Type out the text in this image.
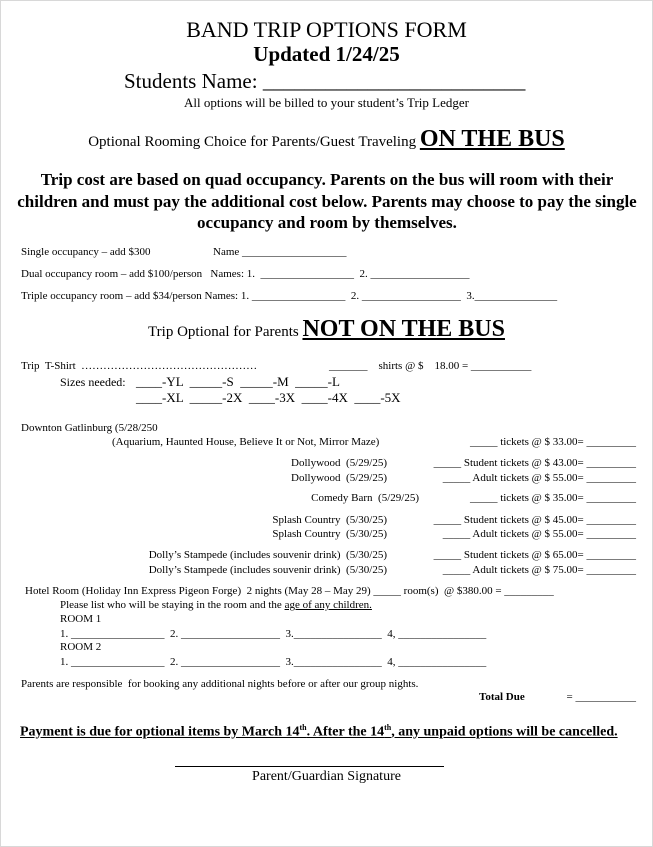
BAND TRIP OPTIONS FORM
Updated 1/24/25
Students Name: _________________________
All options will be billed to your student’s Trip Ledger
Optional Rooming Choice for Parents/Guest Traveling ON THE BUS
Trip cost are based on quad occupancy. Parents on the bus will room with their children and must pay the additional cost below. Parents may choose to pay the single occupancy and room by themselves.
Single occupancy – add $300	Name ___________________
Dual occupancy room – add $100/person   Names: 1.  _________________  2. __________________
Triple occupancy room – add $34/person Names: 1. _________________  2. __________________  3._______________
Trip Optional for Parents NOT ON THE BUS
Trip  T-Shirt  …………………………………………	_______    shirts @ $    18.00 = ___________
Sizes needed: ____-YL  _____-S  _____-M  _____-L
____-XL  _____-2X  ____-3X  ____-4X  ____-5X
Downton Gatlinburg (5/28/250
(Aquarium, Haunted House, Believe It or Not, Mirror Maze)	_____ tickets @ $ 33.00= _________
Dollywood  (5/29/25)	_____ Student tickets @ $ 43.00= _________
Dollywood  (5/29/25)	_____ Adult tickets @ $ 55.00= _________
Comedy Barn  (5/29/25)	_____ tickets @ $ 35.00= _________
Splash Country  (5/30/25)	_____ Student tickets @ $ 45.00= _________
Splash Country  (5/30/25)	_____ Adult tickets @ $ 55.00= _________
Dolly’s Stampede (includes souvenir drink)  (5/30/25)	_____ Student tickets @ $ 65.00= _________
Dolly’s Stampede (includes souvenir drink)  (5/30/25)	_____ Adult tickets @ $ 75.00= _________
Hotel Room (Holiday Inn Express Pigeon Forge)  2 nights (May 28 – May 29) _____ room(s)  @ $380.00 = _________
Please list who will be staying in the room and the age of any children.
ROOM 1
1. _________________  2. __________________  3.________________  4, ________________
ROOM 2
1. _________________  2. __________________  3.________________  4, ________________
Parents are responsible  for booking any additional nights before or after our group nights.
Total Due	= ___________
Payment is due for optional items by March 14th. After the 14th, any unpaid options will be cancelled.
Parent/Guardian Signature
